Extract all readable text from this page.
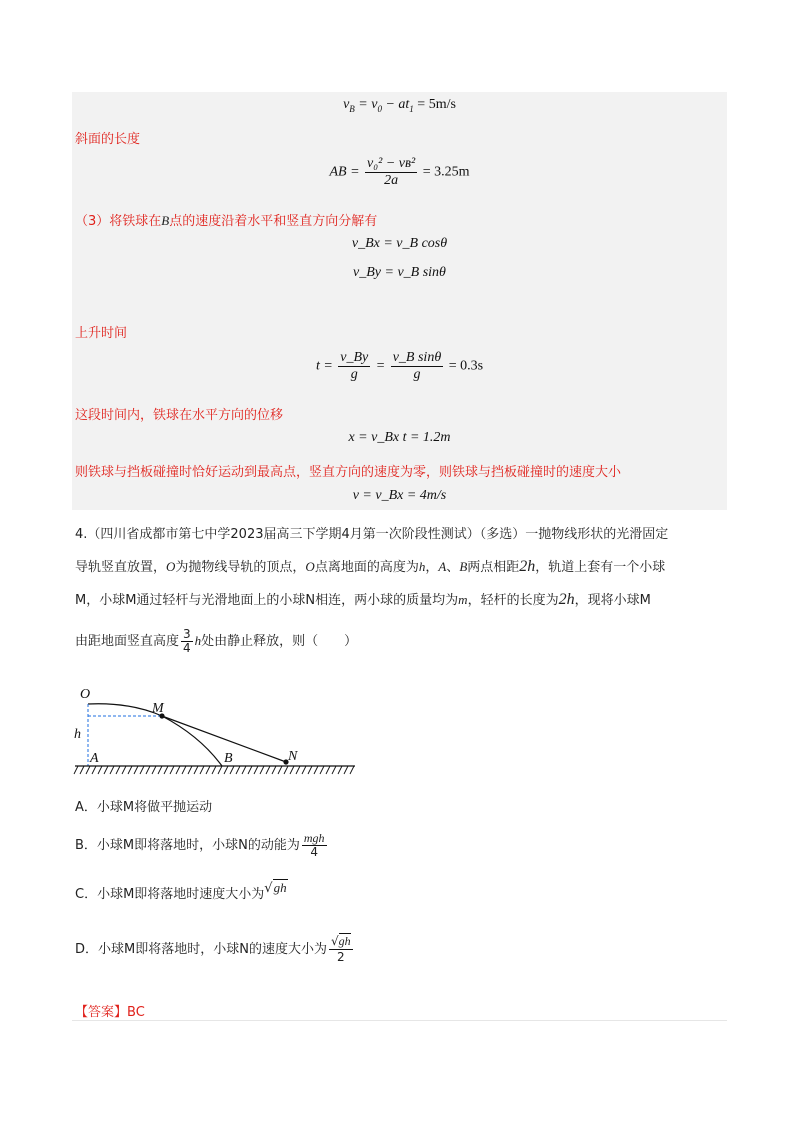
$v_B = v_0 - at_1 = 5m/s$
斜面的长度
AB = $\frac{\text{v₀² − vʙ²}}{2a} = 3.25m$
（3）将铁球在B点的速度沿着水平和竖直方向分解有
v_Bx = v_B cosθ
v_By = v_B sinθ
上升时间
$t = \frac{v\_By}{g} = \frac{\text{v\_B sinθ}}{g} = 0.3s$
这段时间内，铁球在水平方向的位移
x = v_Bx t = 1.2m
则铁球与挡板碰撞时恰好运动到最高点，竖直方向的速度为零，则铁球与挡板碰撞时的速度大小
v = v_Bx = 4m/s
4.（四川省成都市第七中学2023届高三下学期4月第一次阶段性测试）（多选）一抛物线形状的光滑固定
导轨竖直放置，O为抛物线导轨的顶点，O点离地面的高度为h，A、B两点相距2h，轨道上套有一个小球
M，小球M通过轻杆与光滑地面上的小球N相连，两小球的质量均为m，轻杆的长度为2h，现将小球M
由距地面竖直高度 $\frac{3}{4}$ h处由静止释放，则（　　）
O
M
h
A	B	N
A．小球M将做平抛运动
B．小球M即将落地时，小球N的动能为 $\frac{\text{mgh}}{4}$
C．小球M即将落地时速度大小为√gh
D．小球M即将落地时，小球N的速度大小为 $\frac{√gh}{2}$
【答案】BC
